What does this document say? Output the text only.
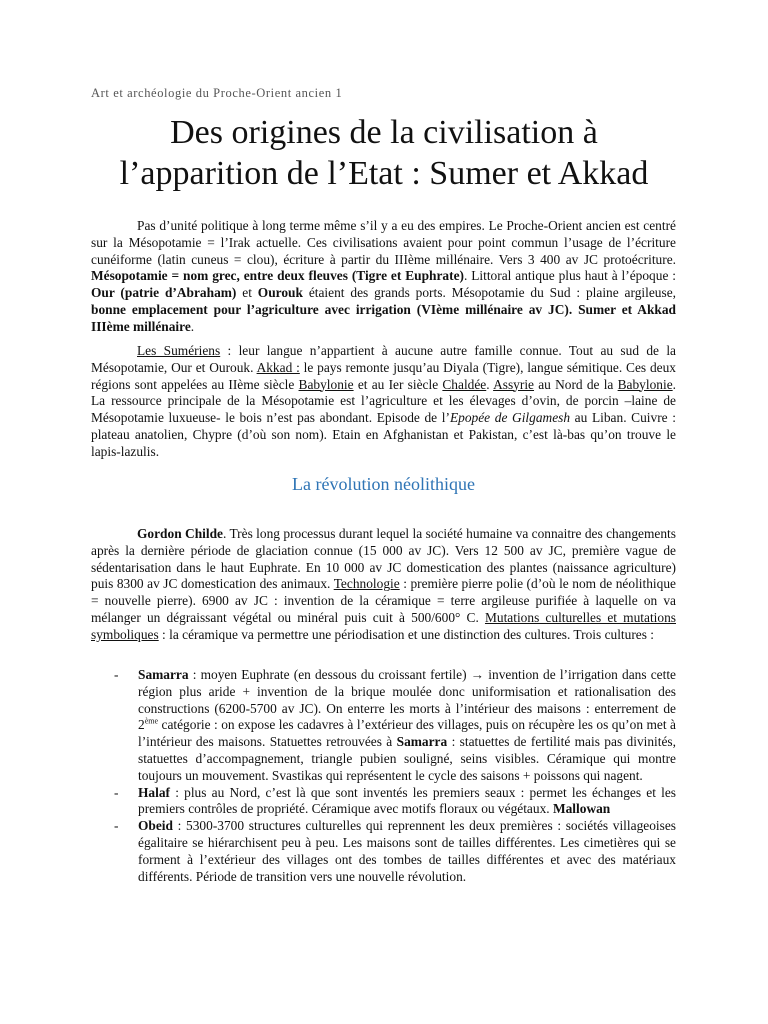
Art et archéologie du Proche-Orient ancien 1
Des origines de la civilisation à
l’apparition de l’Etat : Sumer et Akkad

Pas d’unité politique à long terme même s’il y a eu des empires. Le Proche-Orient ancien est centré sur la Mésopotamie = l’Irak actuelle. Ces civilisations avaient pour point commun l’usage de l’écriture cunéiforme (latin cuneus = clou), écriture à partir du IIIème millénaire. Vers 3 400 av JC protoécriture. Mésopotamie = nom grec, entre deux fleuves (Tigre et Euphrate). Littoral antique plus haut à l’époque : Our (patrie d’Abraham) et Ourouk étaient des grands ports. Mésopotamie du Sud : plaine argileuse, bonne emplacement pour l’agriculture avec irrigation (VIème millénaire av JC). Sumer et Akkad IIIème millénaire.

Les Sumériens : leur langue n’appartient à aucune autre famille connue. Tout au sud de la Mésopotamie, Our et Ourouk. Akkad : le pays remonte jusqu’au Diyala (Tigre), langue sémitique. Ces deux régions sont appelées au IIème siècle Babylonie et au Ier siècle Chaldée. Assyrie au Nord de la Babylonie. La ressource principale de la Mésopotamie est l’agriculture et les élevages d’ovin, de porcin –laine de Mésopotamie luxueuse- le bois n’est pas abondant. Episode de l’Epopée de Gilgamesh au Liban. Cuivre : plateau anatolien, Chypre (d’où son nom). Etain en Afghanistan et Pakistan, c’est là-bas qu’on trouve le lapis-lazulis.

La révolution néolithique

Gordon Childe. Très long processus durant lequel la société humaine va connaitre des changements après la dernière période de glaciation connue (15 000 av JC). Vers 12 500 av JC, première vague de sédentarisation dans le haut Euphrate. En 10 000 av JC domestication des plantes (naissance agriculture) puis 8300 av JC domestication des animaux. Technologie : première pierre polie (d’où le nom de néolithique = nouvelle pierre). 6900 av JC : invention de la céramique = terre argileuse purifiée à laquelle on va mélanger un dégraissant végétal ou minéral puis cuit à 500/600° C. Mutations culturelles et mutations symboliques : la céramique va permettre une périodisation et une distinction des cultures. Trois cultures :

- Samarra : moyen Euphrate (en dessous du croissant fertile) → invention de l’irrigation dans cette région plus aride + invention de la brique moulée donc uniformisation et rationalisation des constructions (6200-5700 av JC). On enterre les morts à l’intérieur des maisons : enterrement de 2ème catégorie : on expose les cadavres à l’extérieur des villages, puis on récupère les os qu’on met à l’intérieur des maisons. Statuettes retrouvées à Samarra : statuettes de fertilité mais pas divinités, statuettes d’accompagnement, triangle pubien souligné, seins visibles. Céramique qui montre toujours un mouvement. Svastikas qui représentent le cycle des saisons + poissons qui nagent.
- Halaf : plus au Nord, c’est là que sont inventés les premiers seaux : permet les échanges et les premiers contrôles de propriété. Céramique avec motifs floraux ou végétaux. Mallowan
- Obeid : 5300-3700 structures culturelles qui reprennent les deux premières : sociétés villageoises égalitaire se hiérarchisent peu à peu. Les maisons sont de tailles différentes. Les cimetières qui se forment à l’extérieur des villages ont des tombes de tailles différentes et avec des matériaux différents. Période de transition vers une nouvelle révolution.
